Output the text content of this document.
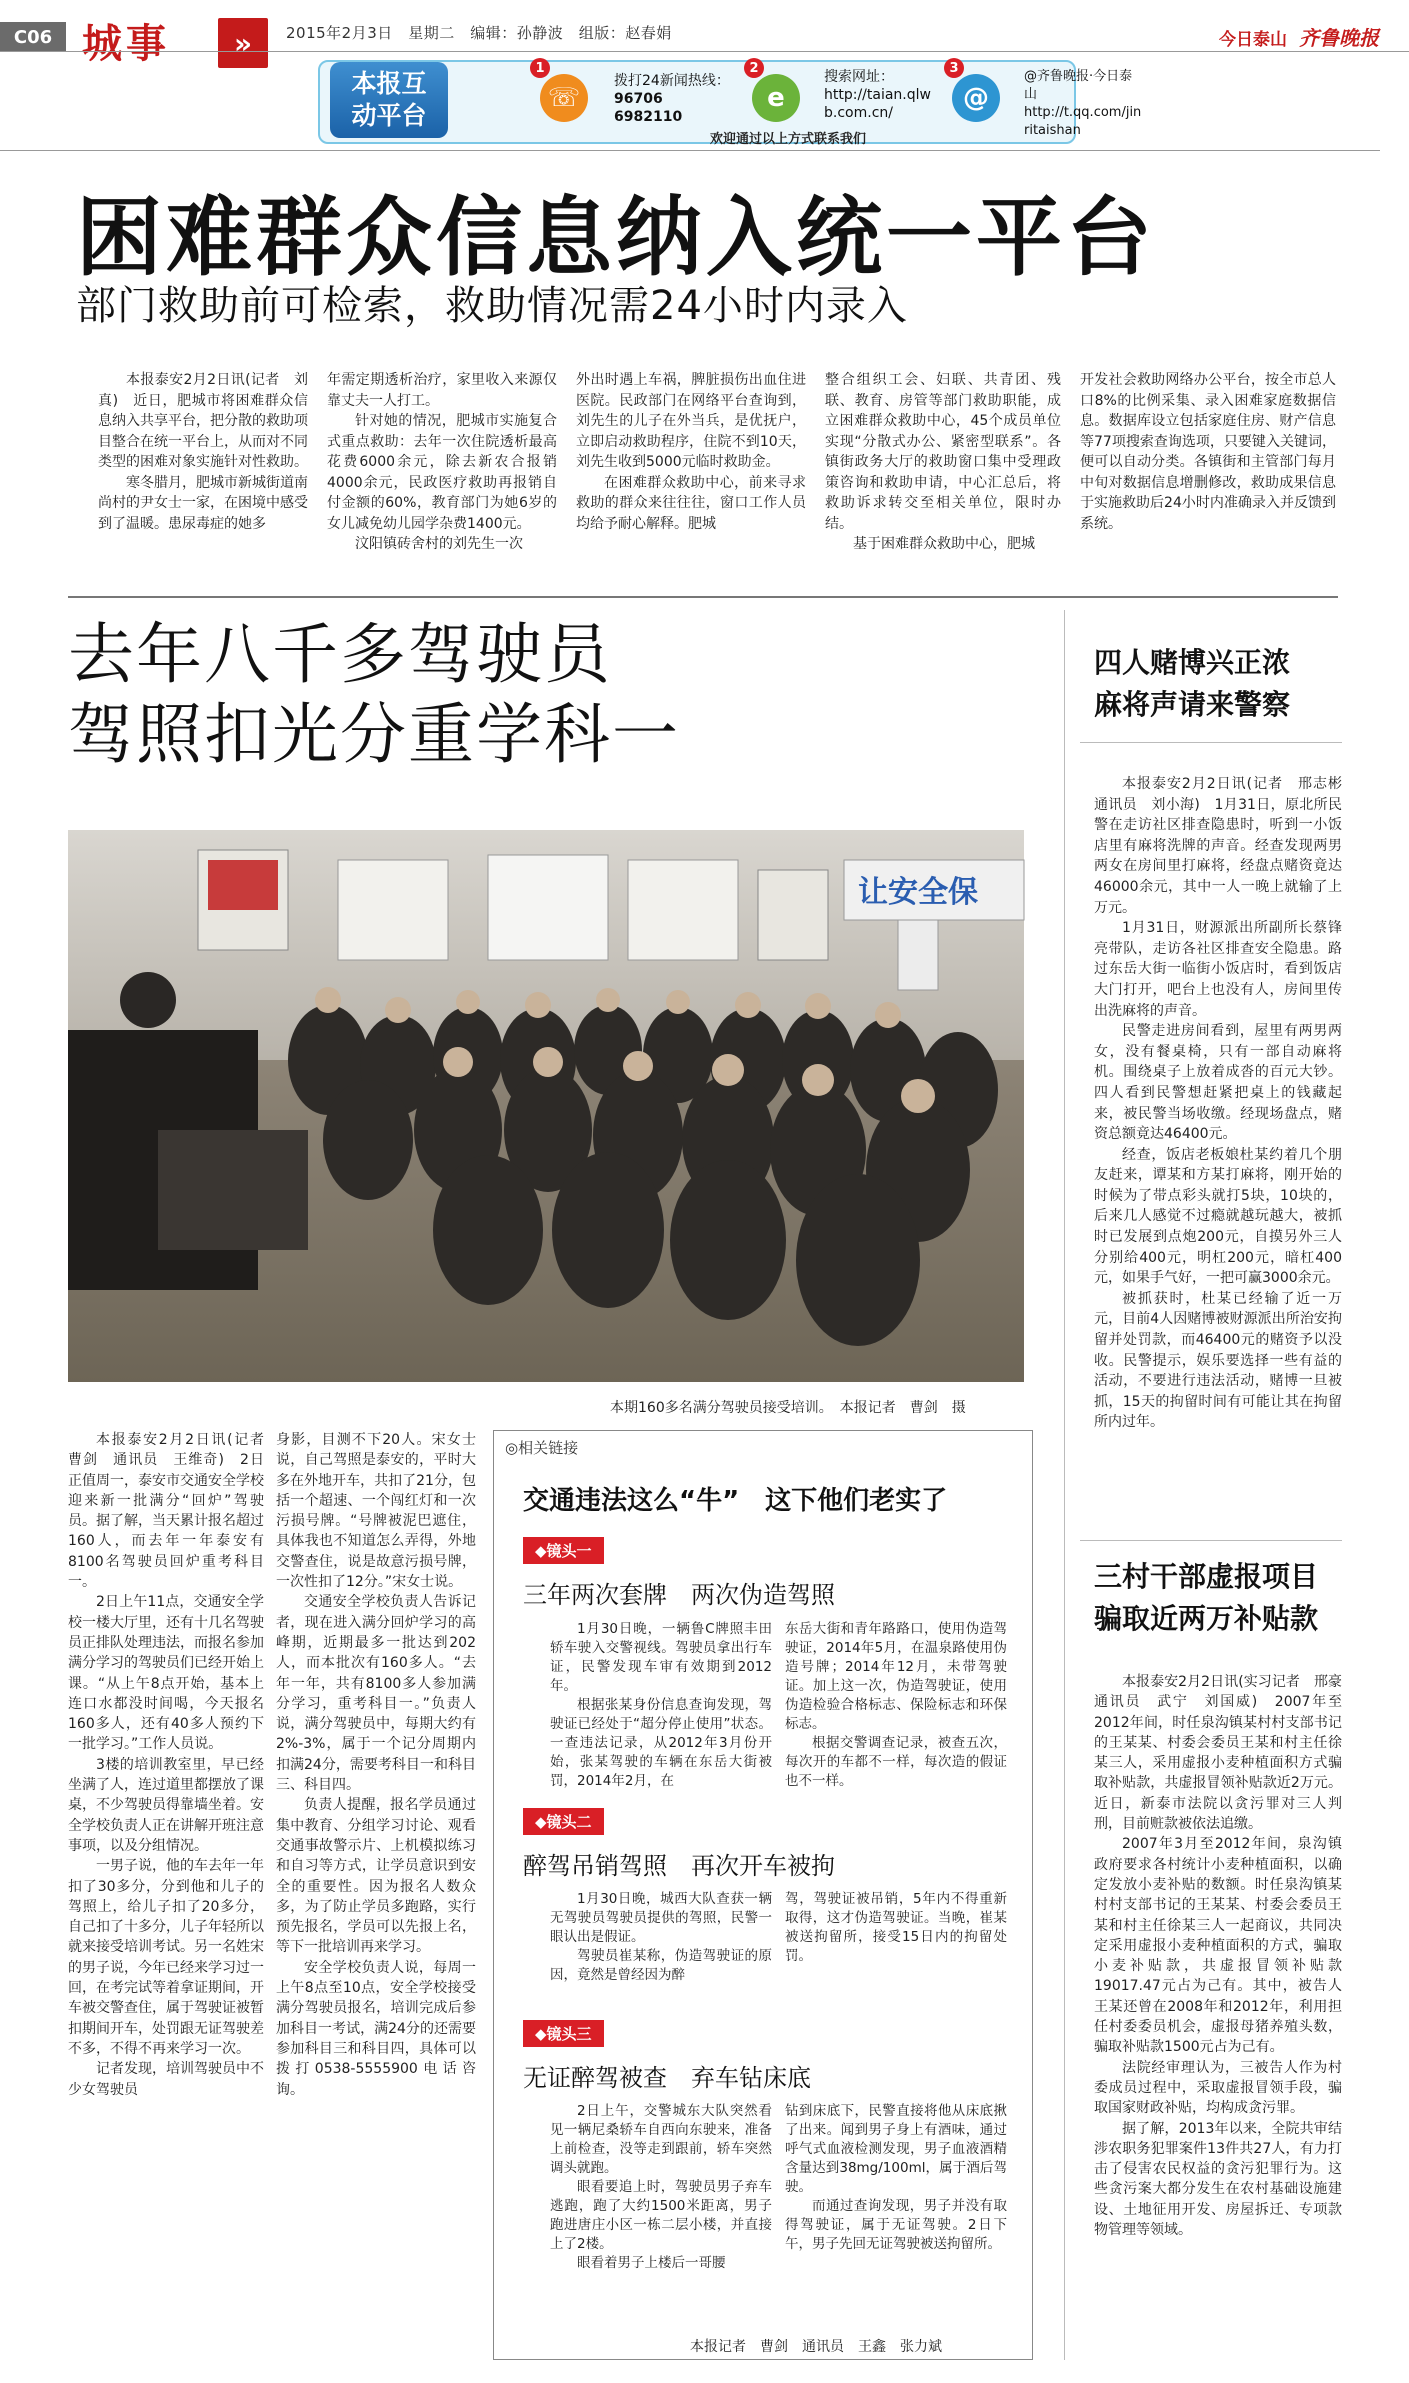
C06 城事	»	2015年2月3日　星期二　编辑：孙静波　组版：赵春娟	今日泰山 齐鲁晚报
本报互
动平台
1
☏
拨打24新闻热线：
96706　6982110
2
e
搜索网址：
http://taian.qlwb.com.cn/
3
@
@齐鲁晚报·今日泰山
http://t.qq.com/jinritaishan
欢迎通过以上方式联系我们
困难群众信息纳入统一平台
部门救助前可检索，救助情况需24小时内录入

本报泰安2月2日讯(记者　刘真)　近日，肥城市将困难群众信息纳入共享平台，把分散的救助项目整合在统一平台上，从而对不同类型的困难对象实施针对性救助。

寒冬腊月，肥城市新城街道南尚村的尹女士一家，在困境中感受到了温暖。患尿毒症的她多

年需定期透析治疗，家里收入来源仅靠丈夫一人打工。

针对她的情况，肥城市实施复合式重点救助：去年一次住院透析最高花费6000余元，除去新农合报销4000余元，民政医疗救助再报销自付金额的60%，教育部门为她6岁的女儿减免幼儿园学杂费1400元。

汶阳镇砖舍村的刘先生一次

外出时遇上车祸，脾脏损伤出血住进医院。民政部门在网络平台查询到，刘先生的儿子在外当兵，是优抚户，立即启动救助程序，住院不到10天，刘先生收到5000元临时救助金。

在困难群众救助中心，前来寻求救助的群众来往往往，窗口工作人员均给予耐心解释。肥城

整合组织工会、妇联、共青团、残联、教育、房管等部门救助职能，成立困难群众救助中心，45个成员单位实现“分散式办公、紧密型联系”。各镇街政务大厅的救助窗口集中受理政策咨询和救助申请，中心汇总后，将救助诉求转交至相关单位，限时办结。

基于困难群众救助中心，肥城

开发社会救助网络办公平台，按全市总人口8%的比例采集、录入困难家庭数据信息。数据库设立包括家庭住房、财产信息等77项搜索查询选项，只要键入关键词，便可以自动分类。各镇街和主管部门每月中旬对数据信息增删修改，救助成果信息于实施救助后24小时内准确录入并反馈到系统。

去年八千多驾驶员
驾照扣光分重学科一
让安全保
本期160多名满分驾驶员接受培训。　本报记者　曹剑　摄

本报泰安2月2日讯(记者　曹剑　通讯员　王维奇)　2日正值周一，泰安市交通安全学校迎来新一批满分“回炉”驾驶员。据了解，当天累计报名超过160人，而去年一年泰安有8100名驾驶员回炉重考科目一。

2日上午11点，交通安全学校一楼大厅里，还有十几名驾驶员正排队处理违法，而报名参加满分学习的驾驶员们已经开始上课。“从上午8点开始，基本上连口水都没时间喝，今天报名160多人，还有40多人预约下一批学习。”工作人员说。

3楼的培训教室里，早已经坐满了人，连过道里都摆放了课桌，不少驾驶员得靠墙坐着。安全学校负责人正在讲解开班注意事项，以及分组情况。

一男子说，他的车去年一年扣了30多分，分到他和儿子的驾照上，给儿子扣了20多分，自己扣了十多分，儿子年轻所以就来接受培训考试。另一名姓宋的男子说，今年已经来学习过一回，在考完试等着拿证期间，开车被交警查住，属于驾驶证被暂扣期间开车，处罚跟无证驾驶差不多，不得不再来学习一次。

记者发现，培训驾驶员中不少女驾驶员

身影，目测不下20人。宋女士说，自己驾照是泰安的，平时大多在外地开车，共扣了21分，包括一个超速、一个闯红灯和一次污损号牌。“号牌被泥巴遮住，具体我也不知道怎么弄得，外地交警查住，说是故意污损号牌，一次性扣了12分。”宋女士说。

交通安全学校负责人告诉记者，现在进入满分回炉学习的高峰期，近期最多一批达到202人，而本批次有160多人。“去年一年，共有8100多人参加满分学习，重考科目一。”负责人说，满分驾驶员中，每期大约有2%-3%，属于一个记分周期内扣满24分，需要考科目一和科目三、科目四。

负责人提醒，报名学员通过集中教育、分组学习讨论、观看交通事故警示片、上机模拟练习和自习等方式，让学员意识到安全的重要性。因为报名人数众多，为了防止学员多跑路，实行预先报名，学员可以先报上名，等下一批培训再来学习。

安全学校负责人说，每周一上午8点至10点，安全学校接受满分驾驶员报名，培训完成后参加科目一考试，满24分的还需要参加科目三和科目四，具体可以拨打0538-5555900电话咨询。

◎相关链接
交通违法这么“牛”　这下他们老实了
◆镜头一
三年两次套牌　两次伪造驾照

1月30日晚，一辆鲁C牌照丰田轿车驶入交警视线。驾驶员拿出行车证，民警发现车审有效期到2012年。

根据张某身份信息查询发现，驾驶证已经处于“超分停止使用”状态。一查违法记录，从2012年3月份开始，张某驾驶的车辆在东岳大街被罚，2014年2月，在

东岳大街和青年路路口，使用伪造驾驶证，2014年5月，在温泉路使用伪造号牌；2014年12月，未带驾驶证。加上这一次，伪造驾驶证，使用伪造检验合格标志、保险标志和环保标志。

根据交警调查记录，被查五次，每次开的车都不一样，每次造的假证也不一样。

◆镜头二
醉驾吊销驾照　再次开车被拘

1月30日晚，城西大队查获一辆无驾驶员驾驶员提供的驾照，民警一眼认出是假证。

驾驶员崔某称，伪造驾驶证的原因，竟然是曾经因为醉

驾，驾驶证被吊销，5年内不得重新取得，这才伪造驾驶证。当晚，崔某被送拘留所，接受15日内的拘留处罚。

◆镜头三
无证醉驾被查　弃车钻床底

2日上午，交警城东大队突然看见一辆尼桑轿车自西向东驶来，准备上前检查，没等走到跟前，轿车突然调头就跑。

眼看要追上时，驾驶员男子弃车逃跑，跑了大约1500米距离，男子跑进唐庄小区一栋二层小楼，并直接上了2楼。

眼看着男子上楼后一哥腰

钻到床底下，民警直接将他从床底揪了出来。闻到男子身上有酒味，通过呼气式血液检测发现，男子血液酒精含量达到38mg/100ml，属于酒后驾驶。

而通过查询发现，男子并没有取得驾驶证，属于无证驾驶。2日下午，男子先回无证驾驶被送拘留所。

本报记者　曹剑　通讯员　王鑫　张力斌
四人赌博兴正浓
麻将声请来警察

本报泰安2月2日讯(记者　邢志彬　通讯员　刘小海)　1月31日，原北所民警在走访社区排查隐患时，听到一小饭店里有麻将洗牌的声音。经查发现两男两女在房间里打麻将，经盘点赌资竟达46000余元，其中一人一晚上就输了上万元。

1月31日，财源派出所副所长蔡锋亮带队，走访各社区排查安全隐患。路过东岳大街一临街小饭店时，看到饭店大门打开，吧台上也没有人，房间里传出洗麻将的声音。

民警走进房间看到，屋里有两男两女，没有餐桌椅，只有一部自动麻将机。围绕桌子上放着成沓的百元大钞。四人看到民警想赶紧把桌上的钱藏起来，被民警当场收缴。经现场盘点，赌资总额竟达46400元。

经查，饭店老板娘杜某约着几个朋友赶来，谭某和方某打麻将，刚开始的时候为了带点彩头就打5块，10块的，后来几人感觉不过瘾就越玩越大，被抓时已发展到点炮200元，自摸另外三人分别给400元，明杠200元，暗杠400元，如果手气好，一把可赢3000余元。

被抓获时，杜某已经输了近一万元，目前4人因赌博被财源派出所治安拘留并处罚款，而46400元的赌资予以没收。民警提示，娱乐要选择一些有益的活动，不要进行违法活动，赌博一旦被抓，15天的拘留时间有可能让其在拘留所内过年。

三村干部虚报项目
骗取近两万补贴款

本报泰安2月2日讯(实习记者　邢豪　通讯员　武宁　刘国威)　2007年至2012年间，时任泉沟镇某村村支部书记的王某某、村委会委员王某和村主任徐某三人，采用虚报小麦种植面积方式骗取补贴款，共虚报冒领补贴款近2万元。近日，新泰市法院以贪污罪对三人判刑，目前赃款被依法追缴。

2007年3月至2012年间，泉沟镇政府要求各村统计小麦种植面积，以确定发放小麦补贴的数额。时任泉沟镇某村村支部书记的王某某、村委会委员王某和村主任徐某三人一起商议，共同决定采用虚报小麦种植面积的方式，骗取小麦补贴款，共虚报冒领补贴款19017.47元占为己有。其中，被告人王某还曾在2008年和2012年，利用担任村委委员机会，虚报母猪养殖头数，骗取补贴款1500元占为己有。

法院经审理认为，三被告人作为村委成员过程中，采取虚报冒领手段，骗取国家财政补贴，均构成贪污罪。

据了解，2013年以来，全院共审结涉农职务犯罪案件13件共27人，有力打击了侵害农民权益的贪污犯罪行为。这些贪污案大都分发生在农村基础设施建设、土地征用开发、房屋拆迁、专项款物管理等领域。
